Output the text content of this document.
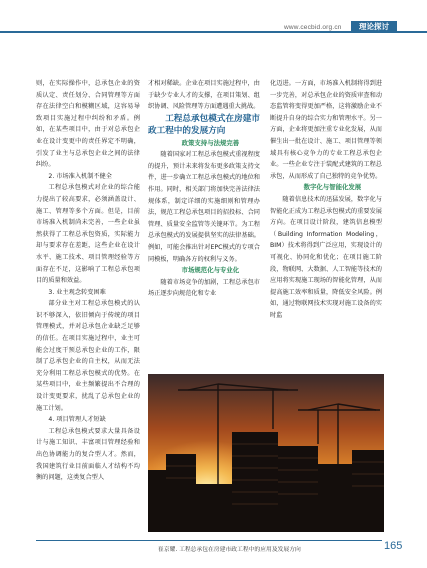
www.cecbid.org.cn	理论探讨

则，在实际操作中，总承包企业的资质认定、责任划分、合同管理等方面存在法律空白和模糊区域，这容易导致项目实施过程中纠纷和矛盾。例如，在某些项目中，由于对总承包企业在设计变更中的责任界定不明确，引发了业主与总承包企业之间的法律纠纷。

2. 市场准入机制不健全

工程总承包模式对企业的综合能力提出了较高要求，必须涵盖设计、施工、管理等多个方面。但是，目前市场准入机制尚未完善，一些企业虽然获得了工程总承包资质，实际能力却与要求存在差距，这些企业在设计水平、施工技术、项目管理经验等方面存在不足，这影响了工程总承包项目的质量和效益。

3. 业主观念转变困难

部分业主对工程总承包模式的认识不够深入，依旧倾向于传统的项目管理模式，并对总承包企业缺乏足够的信任。在项目实施过程中，业主可能会过度干预总承包企业的工作，限制了总承包企业的自主权，从而无法充分利用工程总承包模式的优势。在某些项目中，业主频繁提出不合理的设计变更要求，扰乱了总承包企业的施工计划。

4. 项目管理人才短缺

工程总承包模式要求大量具备设计与施工知识、丰富项目管理经验和出色协调能力的复合型人才。然而，我国建筑行业目前面临人才结构不均衡的问题，这类复合型人

才相对稀缺。企业在项目实施过程中，由于缺少专业人才的支撑，在项目策划、组织协调、风险管理等方面遭遇重大挑战。

工程总承包模式在房建市政工程中的发展方向

政策支持与法规完善

随着国家对工程总承包模式重视程度的提升，预计未来将发布更多政策支持文件，进一步确立工程总承包模式的地位和作用。同时，相关部门将加快完善法律法规体系，制定详细的实施细则和管理办法，规范工程总承包项目的招投标、合同管理、质量安全监管等关键环节。为工程总承包模式的发展提供坚实的法律基础。例如，可能会推出针对EPC模式的专项合同模板，明确各方的权利与义务。

市场规范化与专业化

随着市场竞争的加剧，工程总承包市场正逐步向规范化和专业

化迈进。一方面，市场准入机制将得到进一步完善，对总承包企业的资质审查和动态监管将变得更加严格，这将激励企业不断提升自身的综合实力和管理水平。另一方面，企业将更加注重专业化发展，从而催生出一批在设计、施工、项目管理等领域具有核心竞争力的专业工程总承包企业。一些企业专注于装配式建筑的工程总承包，从而形成了自己独特的竞争优势。

数字化与智能化发展

随着信息技术的迅猛发展，数字化与智能化正成为工程总承包模式的重要发展方向。在项目设计阶段，建筑信息模型（Building Information Modeling，BIM）技术将得到广泛应用，实现设计的可视化、协同化和优化；在项目施工阶段，物联网、大数据、人工智能等技术的应用将实现施工现场的智能化管理，从而提高施工效率和质量，降低安全风险。例如，通过物联网技术实现对施工设备的实时监

崔京耀. 工程总承包在房建市政工程中的应用及发展方向	165
